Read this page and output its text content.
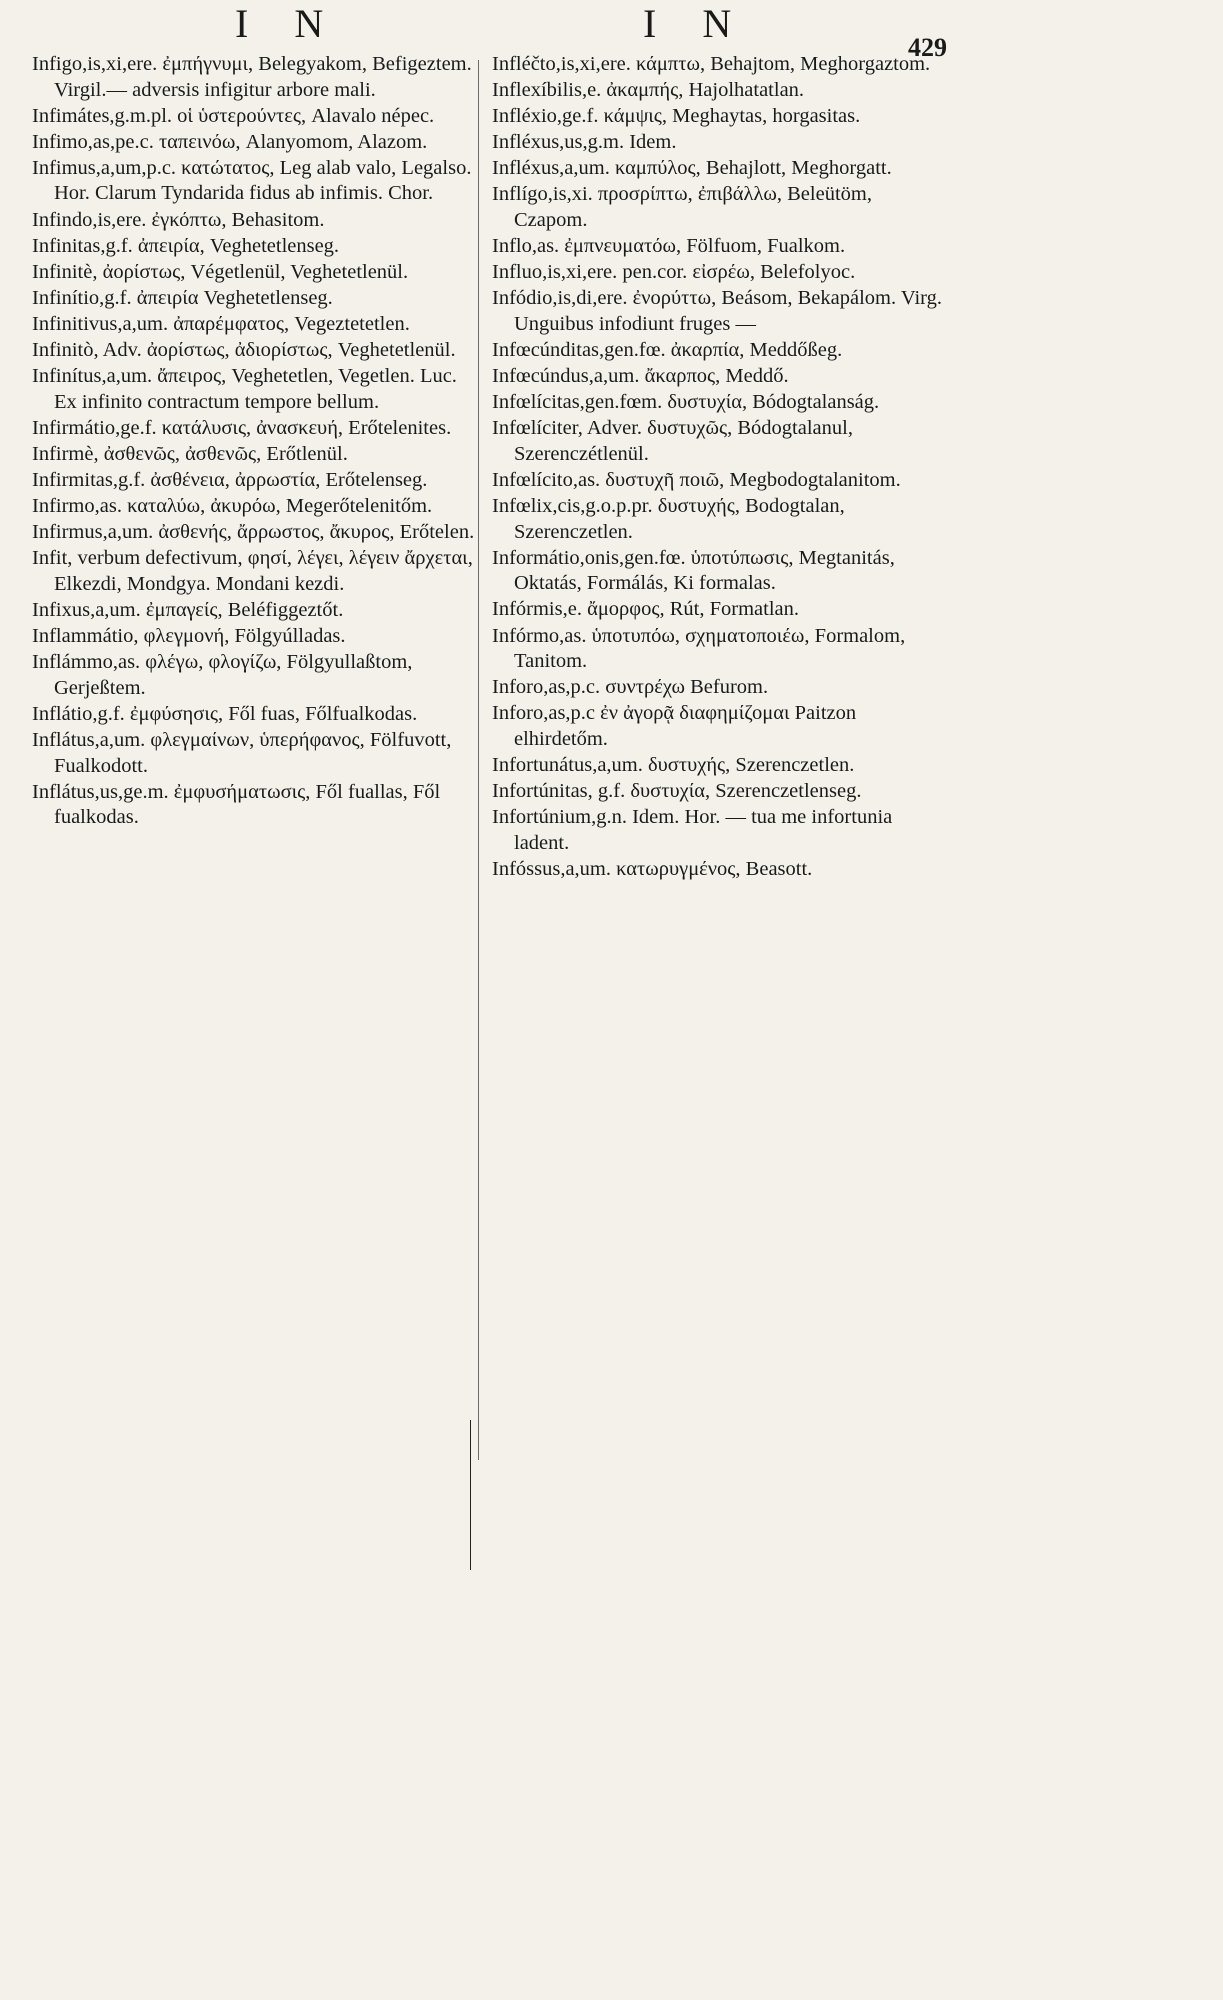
I N	I N
429

Infigo,is,xi,ere. ἐμπήγνυμι, Belegyakom, Befigeztem. Virgil.— adversis infigitur arbore mali.

Infimátes,g.m.pl. οἱ ὑστερούντες, Alavalo népec.

Infimo,as,pe.c. ταπεινόω, Alanyomom, Alazom.

Infimus,a,um,p.c. κατώτατος, Leg alab valo, Legalso. Hor. Clarum Tyndarida fidus ab infimis. Chor.

Infindo,is,ere. ἐγκόπτω, Behasitom.

Infinitas,g.f. ἀπειρία, Veghetetlenseg.

Infinitè, ἀορίστως, Végetlenül, Veghetetlenül.

Infinítio,g.f. ἀπειρία Veghetetlenseg.

Infinitivus,a,um. ἀπαρέμφατος, Vegeztetetlen.

Infinitò, Adv. ἀορίστως, ἀδιορίστως, Veghetetlenül.

Infinítus,a,um. ἄπειρος, Veghetetlen, Vegetlen. Luc. Ex infinito contractum tempore bellum.

Infirmátio,ge.f. κατάλυσις, ἀνασκευή, Erőtelenites.

Infirmè, ἀσθενῶς, ἀσθενῶς, Erőtlenül.

Infirmitas,g.f. ἀσθένεια, ἀρρωστία, Erőtelenseg.

Infirmo,as. καταλύω, ἀκυρόω, Megerőtelenitőm.

Infirmus,a,um. ἀσθενής, ἄρρωστος, ἄκυρος, Erőtelen.

Infit, verbum defectivum, φησί, λέγει, λέγειν ἄρχεται, Elkezdi, Mondgya. Mondani kezdi.

Infixus,a,um. ἐμπαγείς, Beléfiggeztőt.

Inflammátio, φλεγμονή, Fölgyúlladas.

Inflámmo,as. φλέγω, φλογίζω, Fölgyullaßtom, Gerjeßtem.

Inflátio,g.f. ἐμφύσησις, Fől fuas, Főlfualkodas.

Inflátus,a,um. φλεγμαίνων, ὑπερήφανος, Fölfuvott, Fualkodott.

Inflátus,us,ge.m. ἐμφυσήματωσις, Fől fuallas, Fől fualkodas.

Infléčto,is,xi,ere. κάμπτω, Behajtom, Meghorgaztom.

Inflexíbilis,e. ἀκαμπής, Hajolhatatlan.

Infléxio,ge.f. κάμψις, Meghaytas, horgasitas.

Infléxus,us,g.m. Idem.

Infléxus,a,um. καμπύλος, Behajlott, Meghorgatt.

Inflígo,is,xi. προσρίπτω, ἐπιβάλλω, Beleütöm, Czapom.

Inflo,as. ἐμπνευματόω, Fölfuom, Fualkom.

Influo,is,xi,ere. pen.cor. εἰσρέω, Belefolyoc.

Infódio,is,di,ere. ἐνορύττω, Beásom, Bekapálom. Virg. Unguibus infodiunt fruges —

Infœcúnditas,gen.fœ. ἀκαρπία, Meddőßeg.

Infœcúndus,a,um. ἄκαρπος, Meddő.

Infœlícitas,gen.fœm. δυστυχία, Bódogtalanság.

Infœlíciter, Adver. δυστυχῶς, Bódogtalanul, Szerenczétlenül.

Infœlícito,as. δυστυχῆ ποιῶ, Megbodogtalanitom.

Infœlix,cis,g.o.p.pr. δυστυχής, Bodogtalan, Szerenczetlen.

Informátio,onis,gen.fœ. ὑποτύπωσις, Megtanitás, Oktatás, Formálás, Ki formalas.

Infórmis,e. ἄμορφος, Rút, Formatlan.

Infórmo,as. ὑποτυπόω, σχηματοποιέω, Formalom, Tanitom.

Inforo,as,p.c. συντρέχω Befurom.

Inforo,as,p.c ἐν ἀγορᾷ διαφημίζομαι Paitzon elhirdetőm.

Infortunátus,a,um. δυστυχής, Szerenczetlen.

Infortúnitas, g.f. δυστυχία, Szerenczetlenseg.

Infortúnium,g.n. Idem. Hor. — tua me infortunia ladent.

Infóssus,a,um. κατωρυγμένος, Beasott.
